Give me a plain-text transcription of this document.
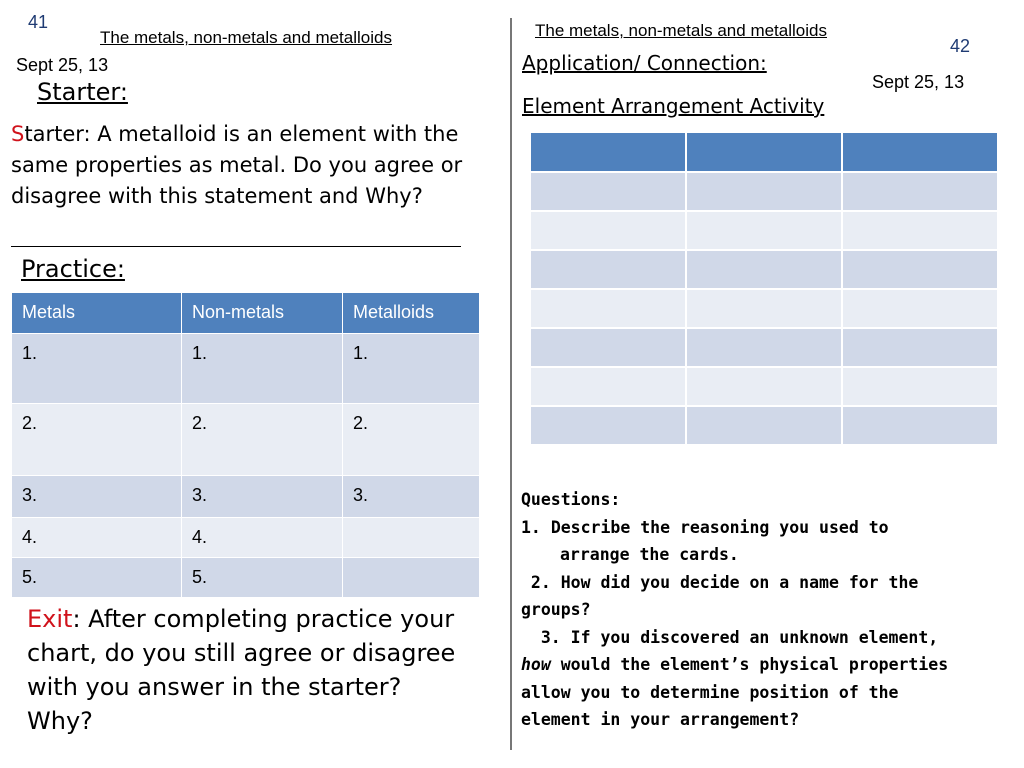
41
The metals, non-metals and metalloids
Sept 25, 13
Starter:
Starter: A metalloid is an element with the same properties as metal. Do you agree or disagree with this statement and Why?
Practice:
Metals	Non-metals	Metalloids
1.	1.	1.
2.	2.	2.
3.	3.	3.
4.	4.	
5.	5.	
Exit: After completing practice your chart, do you still agree or disagree with you answer in the starter? Why?
The metals, non-metals and metalloids
42
Application/ Connection:
Sept 25, 13
Element Arrangement Activity

Questions:
1. Describe the reasoning you used to
arrange the cards.
2. How did you decide on a name for the
groups?
3. If you discovered an unknown element,
how would the element’s physical properties
allow you to determine position of the
element in your arrangement?
